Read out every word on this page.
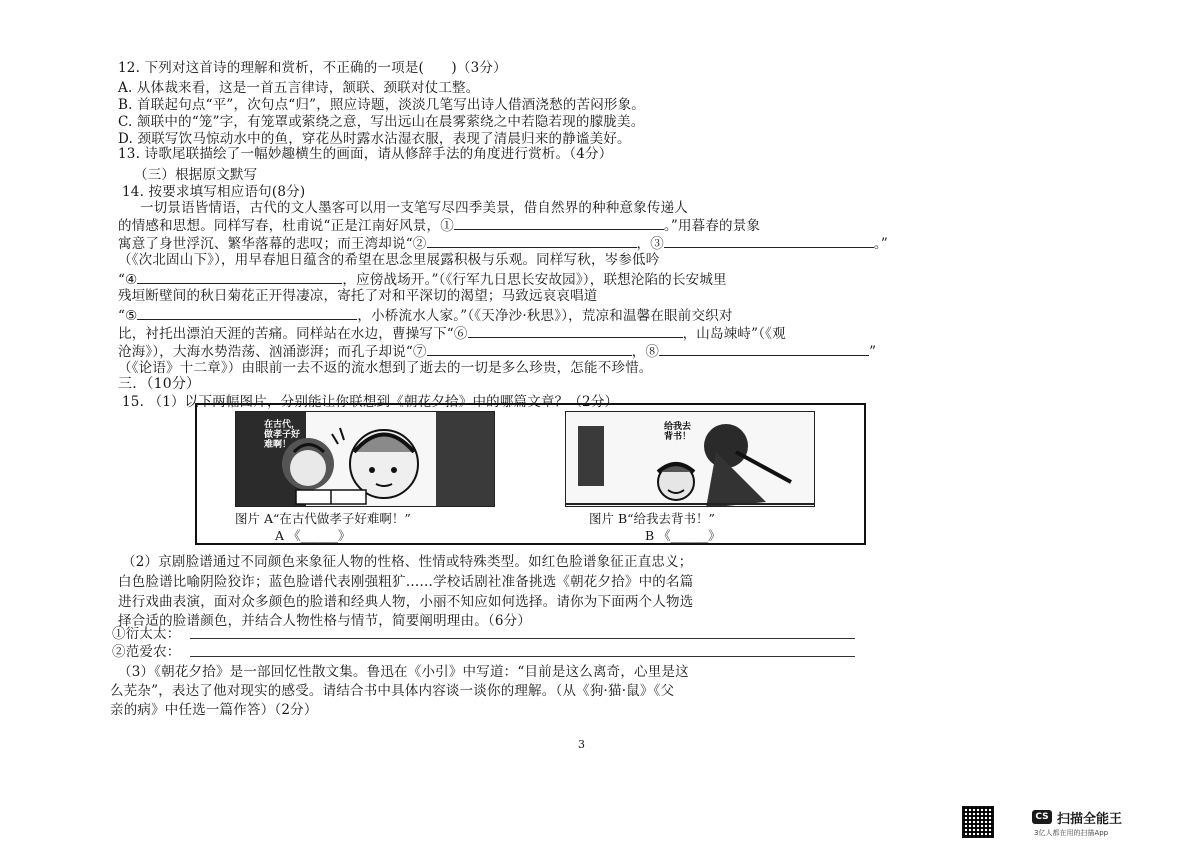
12. 下列对这首诗的理解和赏析，不正确的一项是(　　)（3分）
A. 从体裁来看，这是一首五言律诗，颔联、颈联对仗工整。
B. 首联起句点“平”，次句点“归”，照应诗题，淡淡几笔写出诗人借酒浇愁的苦闷形象。
C. 颔联中的“笼”字，有笼罩或萦绕之意，写出远山在晨雾萦绕之中若隐若现的朦胧美。
D. 颈联写饮马惊动水中的鱼，穿花丛时露水沾湿衣服，表现了清晨归来的静谧美好。
13. 诗歌尾联描绘了一幅妙趣横生的画面，请从修辞手法的角度进行赏析。（4分）
（三）根据原文默写
14. 按要求填写相应语句(8分)
一切景语皆情语，古代的文人墨客可以用一支笔写尽四季美景，借自然界的种种意象传递人
的情感和思想。同样写春，杜甫说“正是江南好风景，①	。”用暮春的景象
寓意了身世浮沉、繁华落幕的悲叹；而王湾却说“②	，③	。”
（《次北固山下》），用早春旭日蕴含的希望在思念里展露积极与乐观。同样写秋，岑参低吟
“④	，应傍战场开。”（《行军九日思长安故园》），联想沦陷的长安城里
残垣断壁间的秋日菊花正开得凄凉，寄托了对和平深切的渴望；马致远哀哀唱道
“⑤	，小桥流水人家。”（《天净沙·秋思》），荒凉和温馨在眼前交织对
比，衬托出漂泊天涯的苦痛。同样站在水边，曹操写下“⑥	，山岛竦峙”（《观
沧海》），大海水势浩荡、汹涌澎湃；而孔子却说“⑦	，⑧	”
（《论语》十二章》）由眼前一去不返的流水想到了逝去的一切是多么珍贵，怎能不珍惜。
三．（10分）
15. （1）以下两幅图片，分别能让你联想到《朝花夕拾》中的哪篇文章？（2分）
在古代，
做孝子好
难啊！
图片 A“在古代做孝子好难啊！”
A 《______》
给我去
背书！
图片 B“给我去背书！”
B 《______》
（2）京剧脸谱通过不同颜色来象征人物的性格、性情或特殊类型。如红色脸谱象征正直忠义；
白色脸谱比喻阴险狡诈；蓝色脸谱代表刚强粗犷……学校话剧社准备挑选《朝花夕拾》中的名篇
进行戏曲表演，面对众多颜色的脸谱和经典人物，小丽不知应如何选择。请你为下面两个人物选
择合适的脸谱颜色，并结合人物性格与情节，简要阐明理由。（6分）
①衍太太：
②范爱农：
（3）《朝花夕拾》是一部回忆性散文集。鲁迅在《小引》中写道：“目前是这么离奇，心里是这
么芜杂”，表达了他对现实的感受。请结合书中具体内容谈一谈你的理解。（从《狗·猫·鼠》《父
亲的病》中任选一篇作答）（2分）
3
CS 扫描全能王
3亿人都在用的扫描App
